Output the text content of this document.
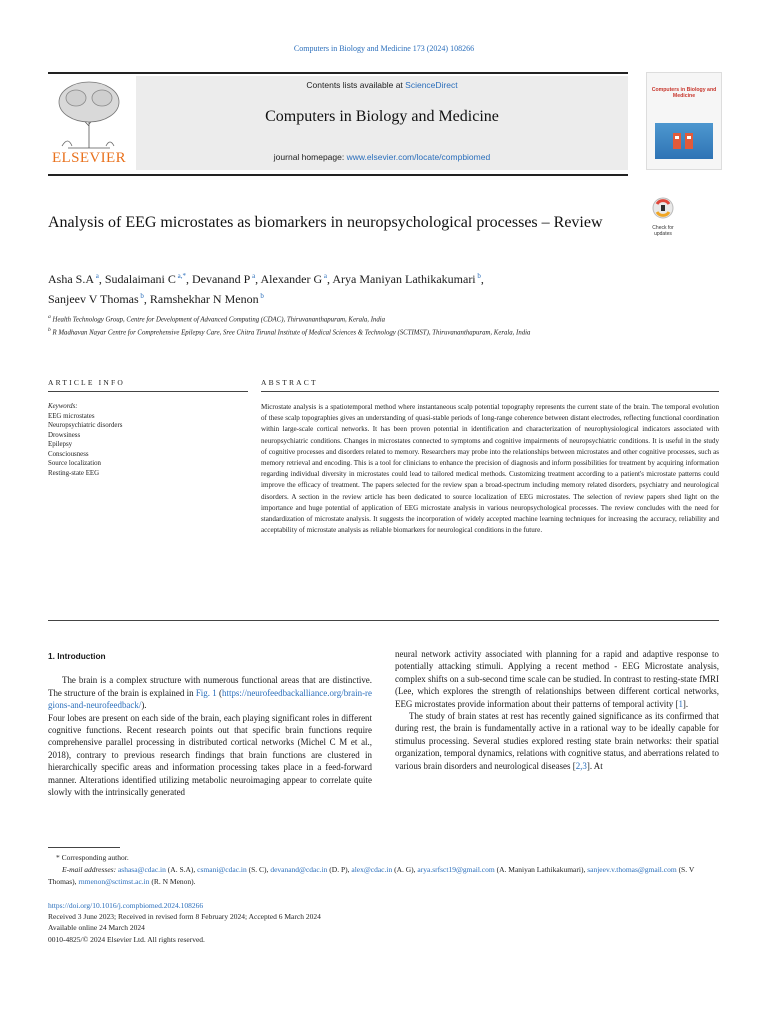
Computers in Biology and Medicine 173 (2024) 108266
ELSEVIER
Contents lists available at ScienceDirect
Computers in Biology and Medicine
journal homepage: www.elsevier.com/locate/compbiomed
Computers in Biology and Medicine
Analysis of EEG microstates as biomarkers in neuropsychological processes – Review	Check for
updates
Asha S.A $^a$, Sudalaimani C $^{a,*}$, Devanand P $^a$, Alexander G $^a$, Arya Maniyan Lathikakumari $^b$,
Sanjeev V Thomas $^b$, Ramshekhar N Menon $^b$
$^a$ Health Technology Group, Centre for Development of Advanced Computing (CDAC), Thiruvananthapuram, Kerala, India
$^b$ R Madhavan Nayar Centre for Comprehensive Epilepsy Care, Sree Chitra Tirunal Institute of Medical Sciences & Technology (SCTIMST), Thiruvananthapuram, Kerala, India
ARTICLE INFO	ABSTRACT
Keywords:
EEG microstates
Neuropsychiatric disorders
Drowsiness
Epilepsy
Consciousness
Source localization
Resting-state EEG
Microstate analysis is a spatiotemporal method where instantaneous scalp potential topography represents the current state of the brain. The temporal evolution of these scalp topographies gives an understanding of quasi-stable periods of long-range coherence between distant electrodes, reflecting functional coordination within large-scale cortical networks. It has been proven potential in identification and characterization of neurophysiological indicators associated with neuropsychiatric conditions. Changes in microstates connected to symptoms and cognitive impairments of neuropsychiatric conditions. It is useful in the study of cognitive processes and disorders related to memory. Researchers may probe into the relationships between microstates and other cognitive processes, such as memory retrieval and encoding. This is a tool for clinicians to enhance the precision of diagnosis and inform possibilities for treatment by acquiring information regarding individual diversity in microstates could lead to tailored medical methods. Customizing treatment according to a patient's microstate patterns could improve the efficacy of treatment. The papers selected for the review span a broad-spectrum including memory related disorders, psychiatry and neurological disorders. A section in the review article has been dedicated to source localization of EEG microstates. The selection of review papers shed light on the importance and huge potential of application of EEG microstate analysis in various neuropsychological processes. The review concludes with the need for standardization of microstate analysis. It suggests the incorporation of widely accepted machine learning techniques for increasing the accuracy, reliability and acceptability of microstate analysis as reliable biomarkers for neurological conditions in the future.
1. Introduction

The brain is a complex structure with numerous functional areas that are distinctive. The structure of the brain is explained in Fig. 1 (https://neurofeedbackalliance.org/brain-regions-and-neurofeedback/).

Four lobes are present on each side of the brain, each playing significant roles in different cognitive functions. Recent research points out that specific brain functions require comprehensive parallel processing in distributed cortical networks (Michel C M et al., 2018), contrary to previous research findings that brain functions are clustered in hierarchically specific areas and information processing takes place in a feed-forward manner. Alterations identified utilizing metabolic neuroimaging appear to correlate quite slowly with the intrinsically generated

neural network activity associated with planning for a rapid and adaptive response to potentially attacking stimuli. Applying a recent method - EEG Microstate analysis, complex shifts on a sub-second time scale can be studied. In contrast to resting-state fMRI (Lee, which explores the strength of relationships between different cortical networks, EEG microstates provide information about their patterns of temporal activity [1].

The study of brain states at rest has recently gained significance as its confirmed that during rest, the brain is fundamentally active in a rational way to be ideally capable for stimulus processing. Several studies explored resting state brain networks: their spatial organization, temporal dynamics, relations with cognitive status, and aberrations related to various brain disorders and neurological diseases [2,3]. At

* Corresponding author.
E-mail addresses: ashasa@cdac.in (A. S.A), csmani@cdac.in (S. C), devanand@cdac.in (D. P), alex@cdac.in (A. G), arya.srfsct19@gmail.com (A. Maniyan Lathikakumari), sanjeev.v.thomas@gmail.com (S. V Thomas), rnmenon@sctimst.ac.in (R. N Menon).
https://doi.org/10.1016/j.compbiomed.2024.108266
Received 3 June 2023; Received in revised form 8 February 2024; Accepted 6 March 2024
Available online 24 March 2024
0010-4825/© 2024 Elsevier Ltd. All rights reserved.
